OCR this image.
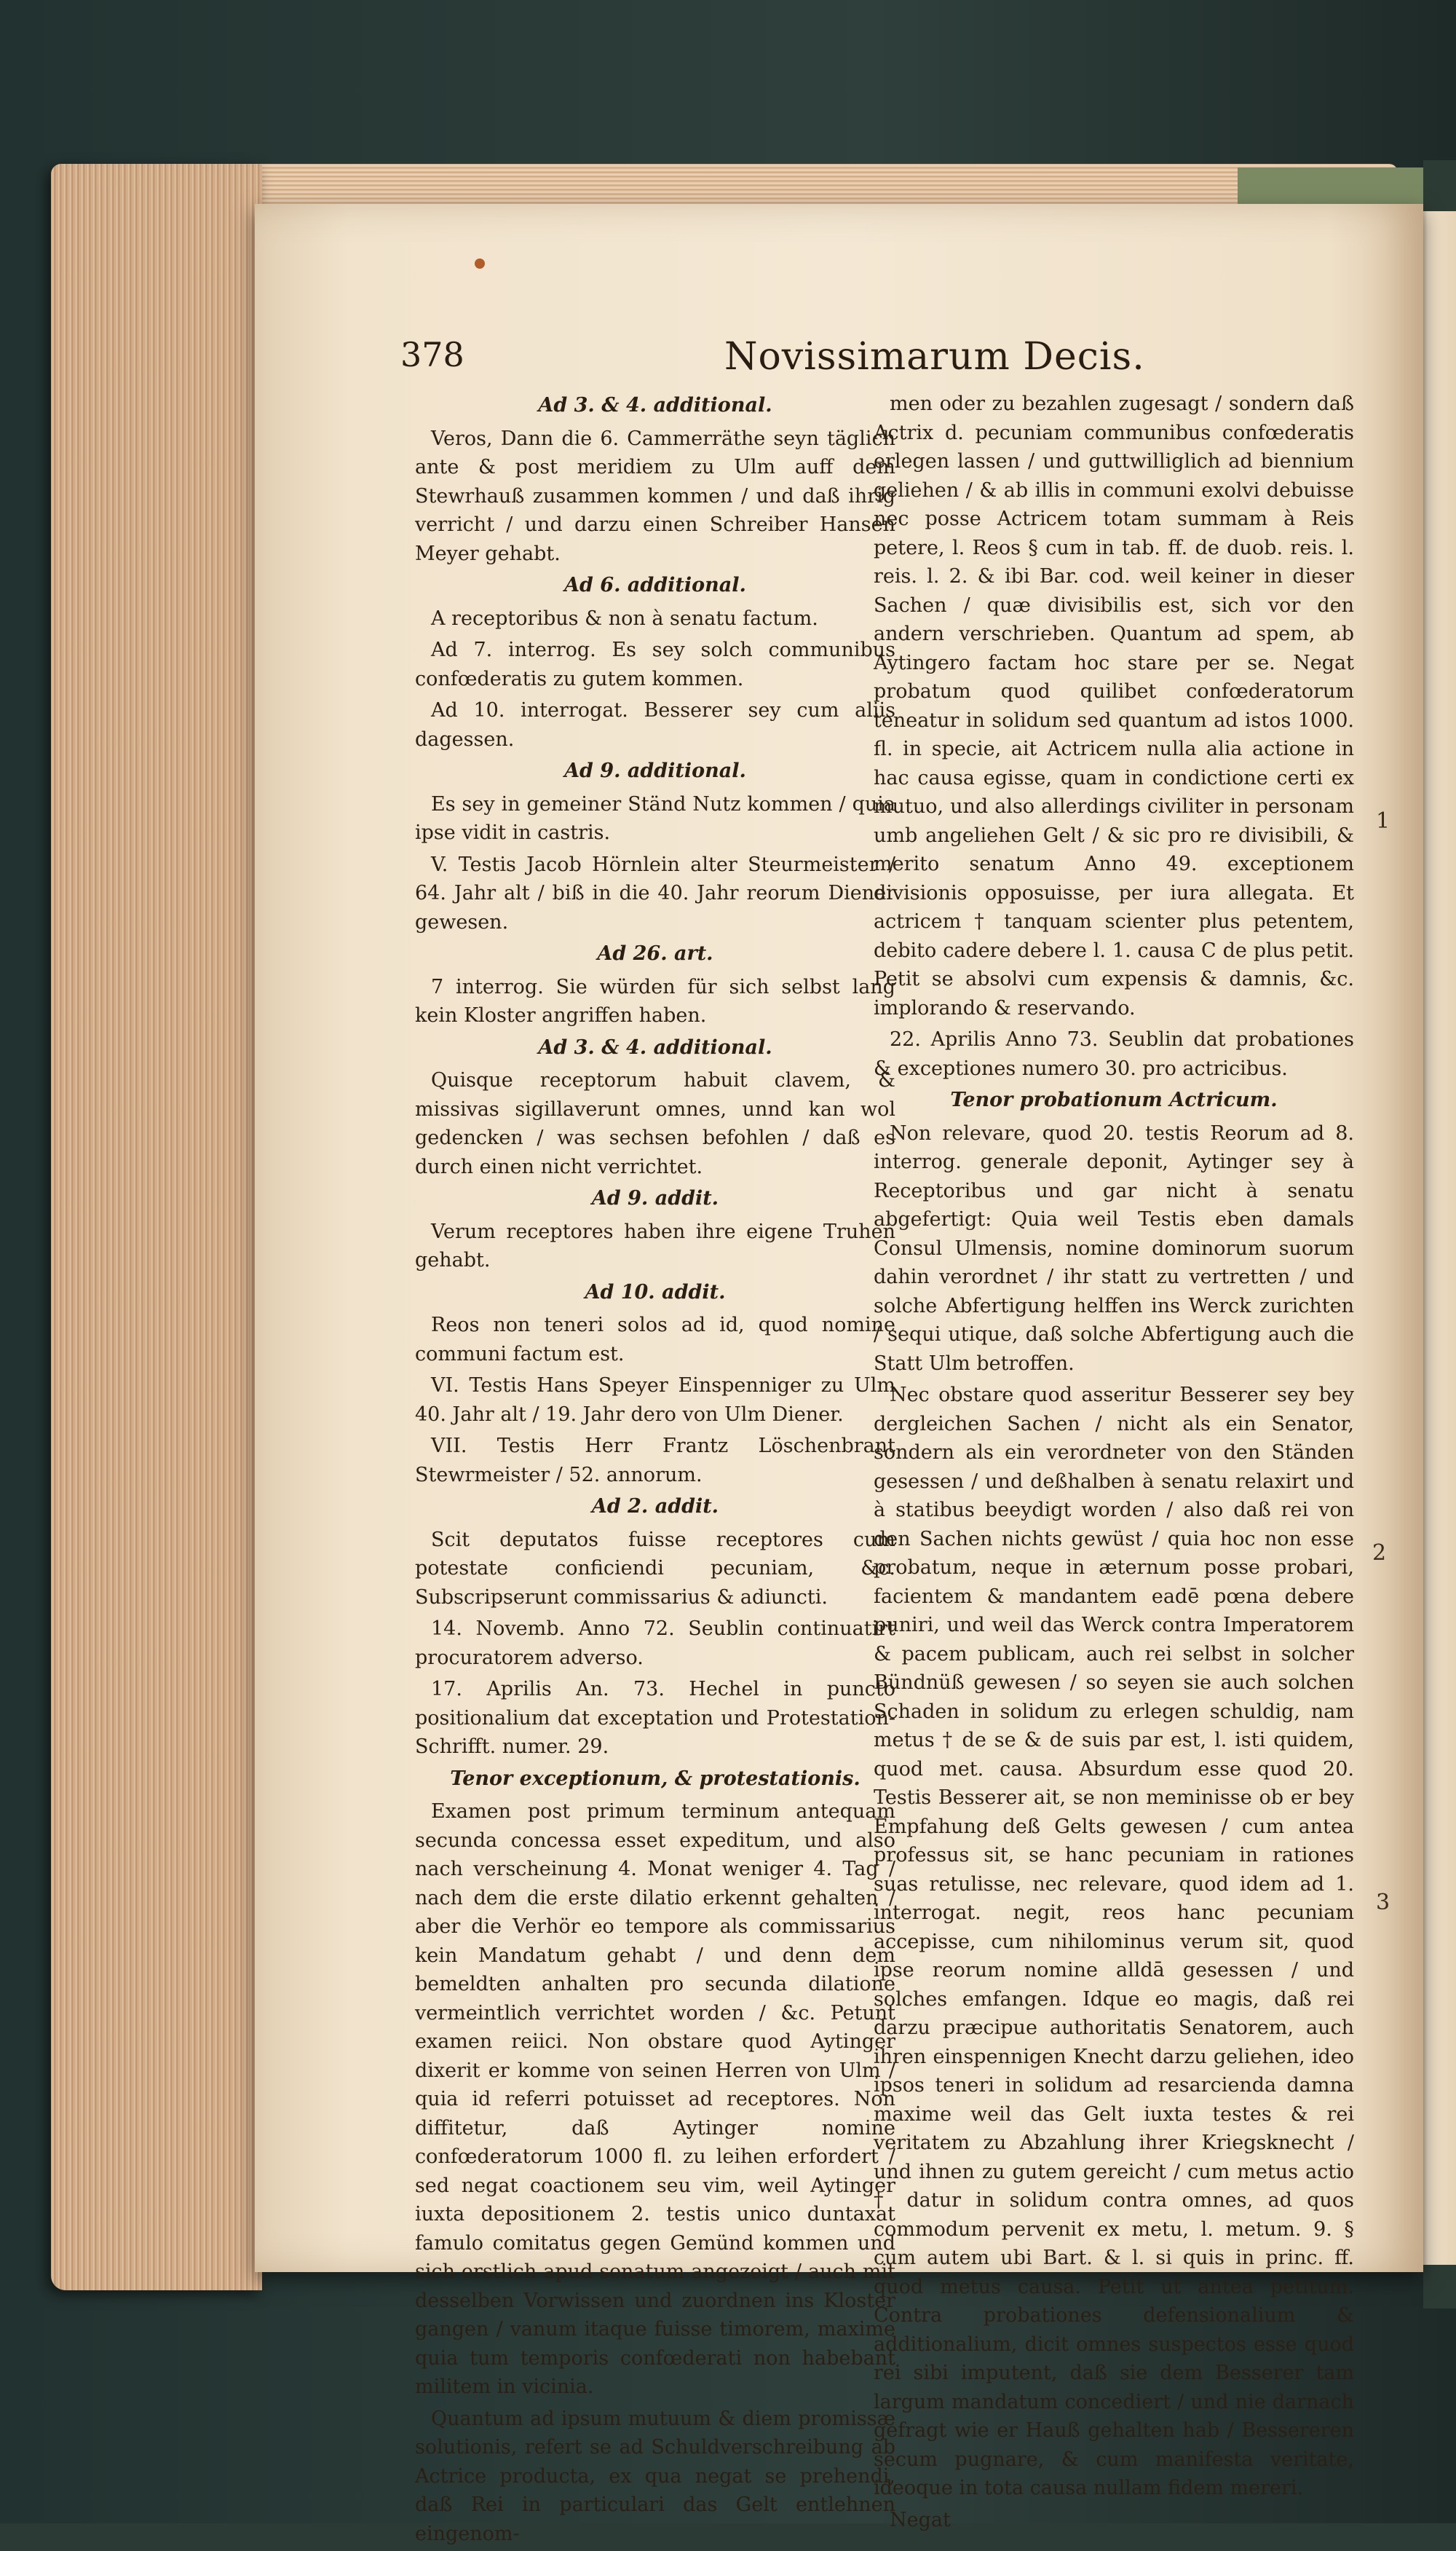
378	Novissimarum Decis.

Ad 3. & 4. additional.

Veros, Dann die 6. Cammerräthe seyn täglich ante & post meridiem zu Ulm auff dem Stewrhauß zusammen kommen / und daß ihrig verricht / und darzu einen Schreiber Hansen Meyer gehabt.

Ad 6. additional.

A receptoribus & non à senatu factum.

Ad 7. interrog. Es sey solch communibus confœderatis zu gutem kommen.

Ad 10. interrogat. Besserer sey cum aliis dagessen.

Ad 9. additional.

Es sey in gemeiner Ständ Nutz kommen / quia ipse vidit in castris.

V. Testis Jacob Hörnlein alter Steurmeister / 64. Jahr alt / biß in die 40. Jahr reorum Diener gewesen.

Ad 26. art.

7 interrog. Sie würden für sich selbst lang kein Kloster angriffen haben.

Ad 3. & 4. additional.

Quisque receptorum habuit clavem, & missivas sigillaverunt omnes, unnd kan wol gedencken / was sechsen befohlen / daß es durch einen nicht verrichtet.

Ad 9. addit.

Verum receptores haben ihre eigene Truhen gehabt.

Ad 10. addit.

Reos non teneri solos ad id, quod nomine communi factum est.

VI. Testis Hans Speyer Einspenniger zu Ulm 40. Jahr alt / 19. Jahr dero von Ulm Diener.

VII. Testis Herr Frantz Löschenbrant Stewrmeister / 52. annorum.

Ad 2. addit.

Scit deputatos fuisse receptores cum potestate conficiendi pecuniam, &c. Subscripserunt commissarius & adiuncti.

14. Novemb. Anno 72. Seublin continuatirt procuratorem adverso.

17. Aprilis An. 73. Hechel in puncto positionalium dat exceptation und Protestation-Schrifft. numer. 29.

Tenor exceptionum, & protestationis.

Examen post primum terminum antequam secunda concessa esset expeditum, und also nach verscheinung 4. Monat weniger 4. Tag / nach dem die erste dilatio erkennt gehalten / aber die Verhör eo tempore als commissarius kein Mandatum gehabt / und denn dem bemeldten anhalten pro secunda dilatione vermeintlich verrichtet worden / &c. Petunt examen reiici. Non obstare quod Aytinger dixerit er komme von seinen Herren von Ulm / quia id referri potuisset ad receptores. Non diffitetur, daß Aytinger nomine confœderatorum 1000 fl. zu leihen erfordert / sed negat coactionem seu vim, weil Aytinger iuxta depositionem 2. testis unico duntaxat famulo comitatus gegen Gemünd kommen und sich erstlich apud senatum angezeigt / auch mit desselben Vorwissen und zuordnen ins Kloster gangen / vanum itaque fuisse timorem, maxime quia tum temporis confœderati non habebant militem in vicinia.

Quantum ad ipsum mutuum & diem promissæ solutionis, refert se ad Schuldverschreibung ab Actrice producta, ex qua negat se prehendi, daß Rei in particulari das Gelt entlehnen eingenom-

men oder zu bezahlen zugesagt / sondern daß Actrix d. pecuniam communibus confœderatis erlegen lassen / und guttwilliglich ad biennium geliehen / & ab illis in communi exolvi debuisse nec posse Actricem totam summam à Reis petere, l. Reos § cum in tab. ff. de duob. reis. l. reis. l. 2. & ibi Bar. cod. weil keiner in dieser Sachen / quæ divisibilis est, sich vor den andern verschrieben. Quantum ad spem, ab Aytingero factam hoc stare per se. Negat probatum quod quilibet confœderatorum teneatur in solidum sed quantum ad istos 1000. fl. in specie, ait Actricem nulla alia actione in hac causa egisse, quam in condictione certi ex mutuo, und also allerdings civiliter in personam umb angeliehen Gelt / & sic pro re divisibili, & merito senatum Anno 49. exceptionem divisionis opposuisse, per iura allegata. Et actricem † tanquam scienter plus petentem, debito cadere debere l. 1. causa C de plus petit. Petit se absolvi cum expensis & damnis, &c. implorando & reservando.

22. Aprilis Anno 73. Seublin dat probationes & exceptiones numero 30. pro actricibus.

Tenor probationum Actricum.

Non relevare, quod 20. testis Reorum ad 8. interrog. generale deponit, Aytinger sey à Receptoribus und gar nicht à senatu abgefertigt: Quia weil Testis eben damals Consul Ulmensis, nomine dominorum suorum dahin verordnet / ihr statt zu vertretten / und solche Abfertigung helffen ins Werck zurichten / sequi utique, daß solche Abfertigung auch die Statt Ulm betroffen.

Nec obstare quod asseritur Besserer sey bey dergleichen Sachen / nicht als ein Senator, sondern als ein verordneter von den Ständen gesessen / und deßhalben à senatu relaxirt und à statibus beeydigt worden / also daß rei von den Sachen nichts gewüst / quia hoc non esse probatum, neque in æternum posse probari, facientem & mandantem eadē pœna debere puniri, und weil das Werck contra Imperatorem & pacem publicam, auch rei selbst in solcher Bündnüß gewesen / so seyen sie auch solchen Schaden in solidum zu erlegen schuldig, nam metus † de se & de suis par est, l. isti quidem, quod met. causa. Absurdum esse quod 20. Testis Besserer ait, se non meminisse ob er bey Empfahung deß Gelts gewesen / cum antea professus sit, se hanc pecuniam in rationes suas retulisse, nec relevare, quod idem ad 1. interrogat. negit, reos hanc pecuniam accepisse, cum nihilominus verum sit, quod ipse reorum nomine alldā gesessen / und solches emfangen. Idque eo magis, daß rei darzu præcipue authoritatis Senatorem, auch ihren einspennigen Knecht darzu geliehen, ideo ipsos teneri in solidum ad resarcienda damna maxime weil das Gelt iuxta testes & rei veritatem zu Abzahlung ihrer Kriegsknecht / und ihnen zu gutem gereicht / cum metus actio † datur in solidum contra omnes, ad quos commodum pervenit ex metu, l. metum. 9. § cum autem ubi Bart. & l. si quis in princ. ff. quod metus causa. Petit ut antea petitum. Contra probationes defensionalium & additionalium, dicit omnes suspectos esse quod rei sibi imputent, daß sie dem Besserer tam largum mandatum concediert / und nie darnach gefragt wie er Hauß gehalten hab / Bessereren secum pugnare, & cum manifesta veritate, ideoque in tota causa nullam fidem mereri.

Negat

1
2
3
